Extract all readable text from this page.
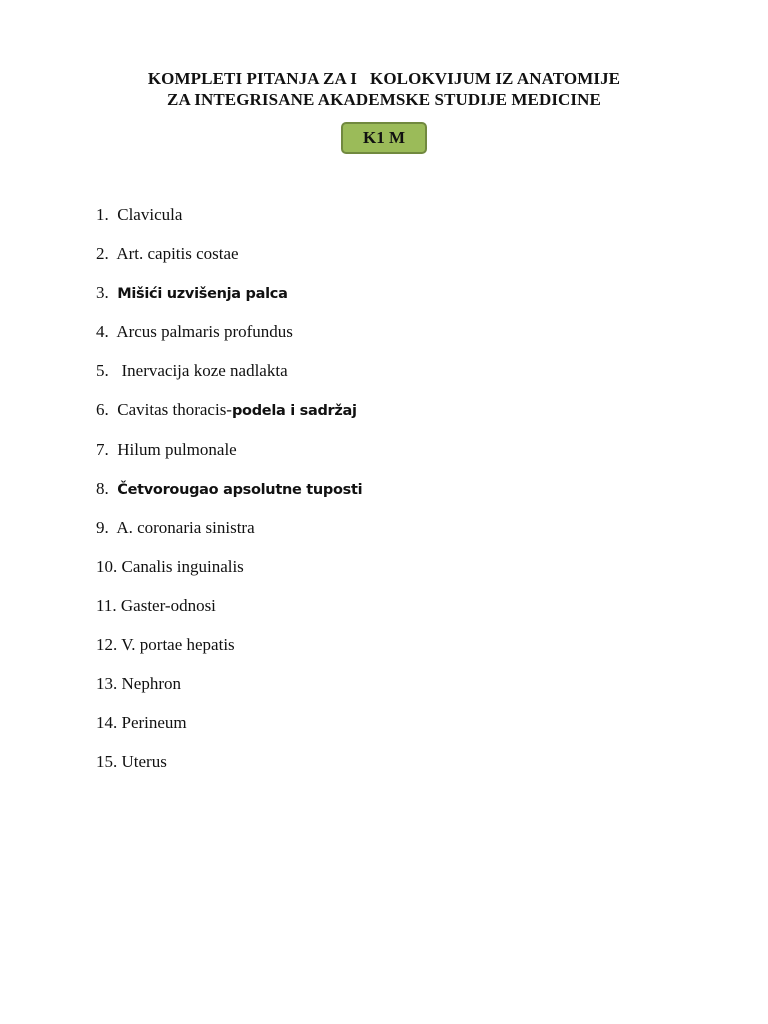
KOMPLETI PITANJA ZA I   KOLOKVIJUM IZ ANATOMIJE
ZA INTEGRISANE AKADEMSKE STUDIJE MEDICINE
K1 M
1.  Clavicula
2.  Art. capitis costae
3.  Mišići uzvišenja palca
4.  Arcus palmaris profundus
5.   Inervacija koze nadlakta
6.  Cavitas thoracis-podela i sadržaj
7.  Hilum pulmonale
8.  Četvorougao apsolutne tuposti
9.  A. coronaria sinistra
10. Canalis inguinalis
11. Gaster-odnosi
12. V. portae hepatis
13. Nephron
14. Perineum
15. Uterus
